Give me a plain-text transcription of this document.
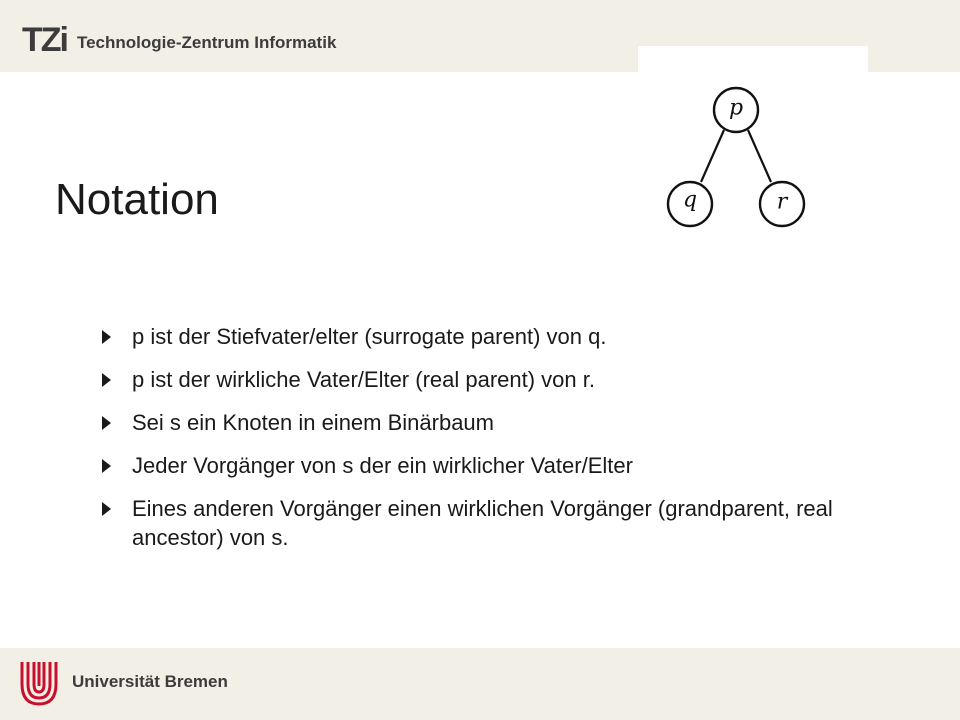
TZi Technologie-Zentrum Informatik
p
q	r
Notation
p ist der Stiefvater/elter (surrogate parent) von q.
p ist der wirkliche Vater/Elter (real parent) von r.
Sei s ein Knoten in einem Binärbaum
Jeder Vorgänger von s der ein wirklicher Vater/Elter
Eines anderen Vorgänger einen wirklichen Vorgänger (grandparent, real ancestor) von s.
Universität Bremen
